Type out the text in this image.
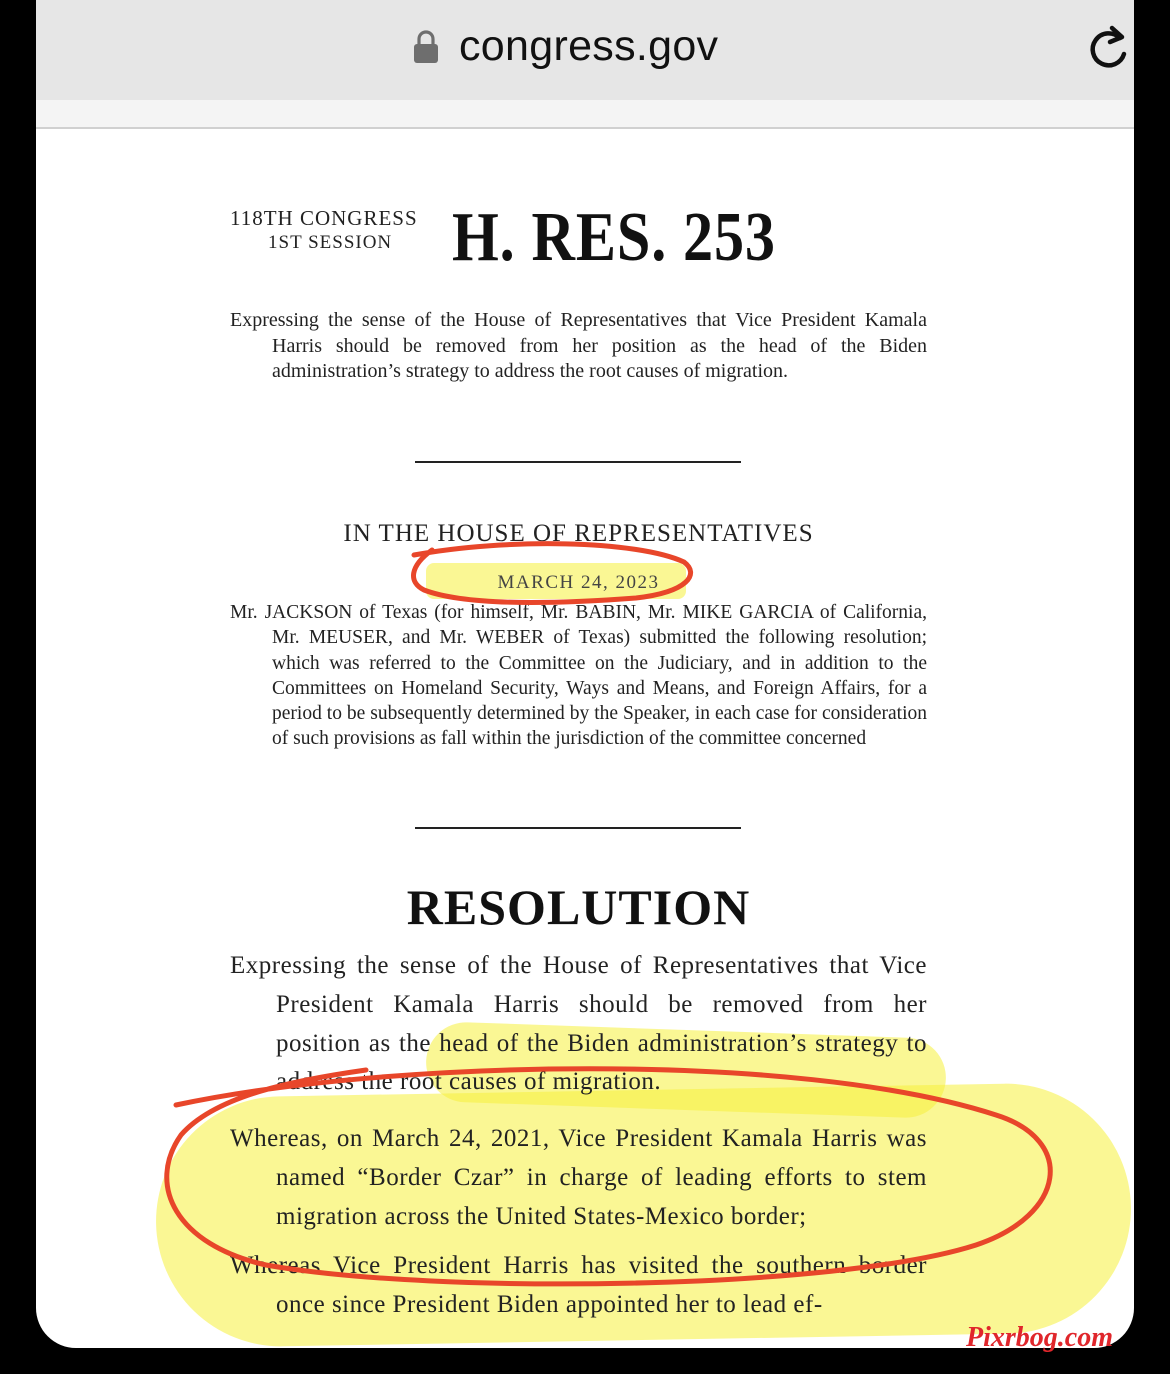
congress.gov

118TH CONGRESS

1ST SESSION H. RES. 253

Expressing the sense of the House of Representatives that Vice President Kamala Harris should be removed from her position as the head of the Biden administration’s strategy to address the root causes of migration.

IN THE HOUSE OF REPRESENTATIVES

MARCH 24, 2023

Mr. JACKSON of Texas (for himself, Mr. BABIN, Mr. MIKE GARCIA of California, Mr. MEUSER, and Mr. WEBER of Texas) submitted the following resolution; which was referred to the Committee on the Judiciary, and in addition to the Committees on Homeland Security, Ways and Means, and Foreign Affairs, for a period to be subsequently determined by the Speaker, in each case for consideration of such provisions as fall within the jurisdiction of the committee concerned

RESOLUTION

Expressing the sense of the House of Representatives that Vice President Kamala Harris should be removed from her position as the head of the Biden administration’s strategy to address the root causes of migration.

Whereas, on March 24, 2021, Vice President Kamala Harris was named “Border Czar” in charge of leading efforts to stem migration across the United States-Mexico border;

Whereas Vice President Harris has visited the southern border once since President Biden appointed her to lead ef-

Pixrbog.com
